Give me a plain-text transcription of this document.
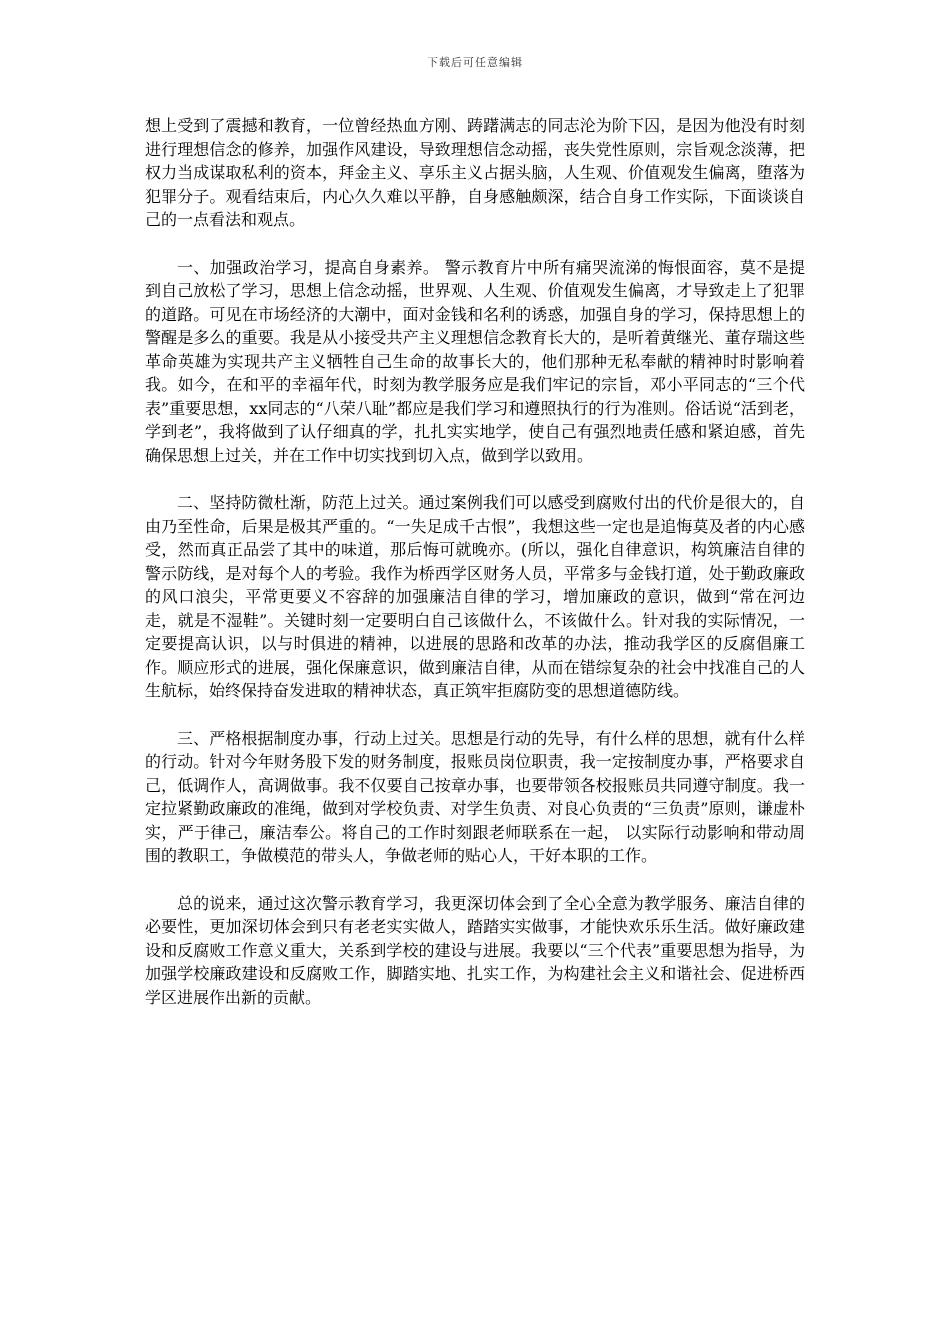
下载后可任意编辑

想上受到了震撼和教育，一位曾经热血方刚、踌躇满志的同志沦为阶下囚，是因为他没有时刻进行理想信念的修养，加强作风建设，导致理想信念动摇，丧失党性原则，宗旨观念淡薄，把权力当成谋取私利的资本，拜金主义、享乐主义占据头脑，人生观、价值观发生偏离，堕落为犯罪分子。观看结束后，内心久久难以平静，自身感触颇深，结合自身工作实际，下面谈谈自己的一点看法和观点。

一、加强政治学习，提高自身素养。 警示教育片中所有痛哭流涕的悔恨面容，莫不是提到自己放松了学习，思想上信念动摇，世界观、人生观、价值观发生偏离，才导致走上了犯罪的道路。可见在市场经济的大潮中，面对金钱和名利的诱惑，加强自身的学习，保持思想上的警醒是多么的重要。我是从小接受共产主义理想信念教育长大的，是听着黄继光、董存瑞这些革命英雄为实现共产主义牺牲自己生命的故事长大的，他们那种无私奉献的精神时时影响着我。如今，在和平的幸福年代，时刻为教学服务应是我们牢记的宗旨，邓小平同志的“三个代表”重要思想，xx同志的“八荣八耻”都应是我们学习和遵照执行的行为准则。俗话说“活到老，学到老”，我将做到了认仔细真的学，扎扎实实地学，使自己有强烈地责任感和紧迫感，首先确保思想上过关，并在工作中切实找到切入点，做到学以致用。

二、坚持防微杜渐，防范上过关。通过案例我们可以感受到腐败付出的代价是很大的，自由乃至性命，后果是极其严重的。“一失足成千古恨”，我想这些一定也是追悔莫及者的内心感受，然而真正品尝了其中的味道，那后悔可就晚亦。(所以，强化自律意识，构筑廉洁自律的警示防线，是对每个人的考验。我作为桥西学区财务人员，平常多与金钱打道，处于勤政廉政的风口浪尖，平常更要义不容辞的加强廉洁自律的学习，增加廉政的意识，做到“常在河边走，就是不湿鞋”。关键时刻一定要明白自己该做什么，不该做什么。针对我的实际情况，一定要提高认识，以与时俱进的精神，以进展的思路和改革的办法，推动我学区的反腐倡廉工作。顺应形式的进展，强化保廉意识，做到廉洁自律，从而在错综复杂的社会中找准自己的人生航标，始终保持奋发进取的精神状态，真正筑牢拒腐防变的思想道德防线。

三、严格根据制度办事，行动上过关。思想是行动的先导，有什么样的思想，就有什么样的行动。针对今年财务股下发的财务制度，报账员岗位职责，我一定按制度办事，严格要求自己，低调作人，高调做事。我不仅要自己按章办事，也要带领各校报账员共同遵守制度。我一定拉紧勤政廉政的准绳，做到对学校负责、对学生负责、对良心负责的“三负责”原则，谦虚朴实，严于律己，廉洁奉公。将自己的工作时刻跟老师联系在一起， 以实际行动影响和带动周围的教职工，争做模范的带头人，争做老师的贴心人，干好本职的工作。

总的说来，通过这次警示教育学习，我更深切体会到了全心全意为教学服务、廉洁自律的必要性，更加深切体会到只有老老实实做人，踏踏实实做事，才能快欢乐乐生活。做好廉政建设和反腐败工作意义重大，关系到学校的建设与进展。我要以“三个代表”重要思想为指导，为加强学校廉政建设和反腐败工作，脚踏实地、扎实工作，为构建社会主义和谐社会、促进桥西学区进展作出新的贡献。
